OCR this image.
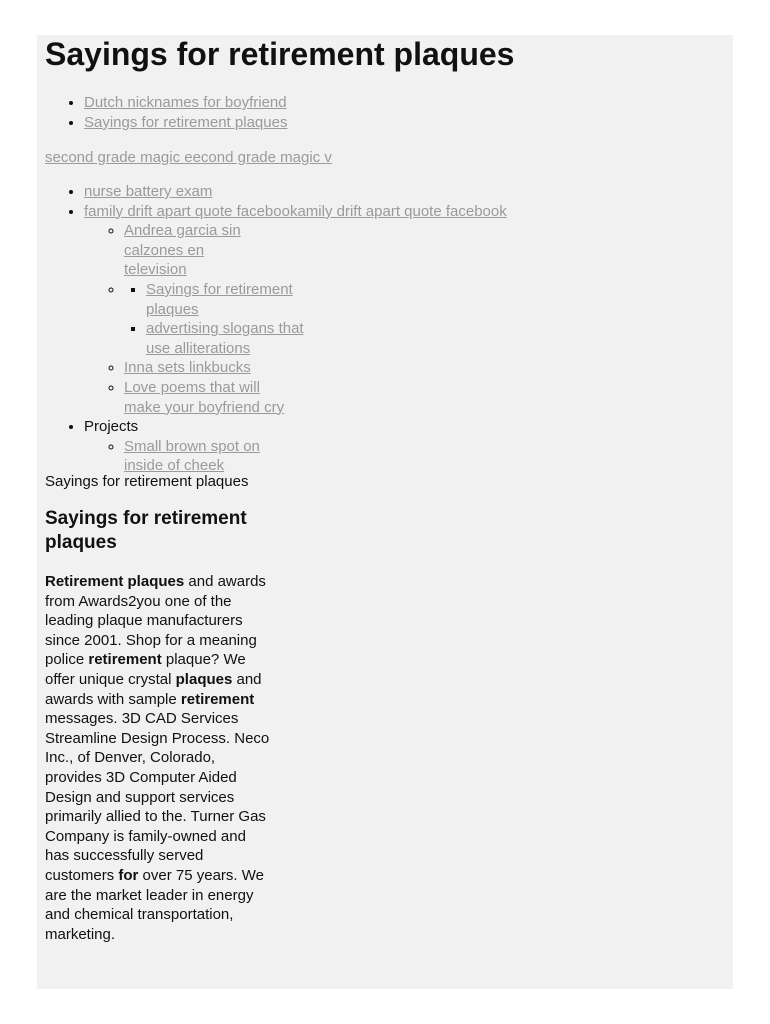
Sayings for retirement plaques
• Dutch nicknames for boyfriend
• Sayings for retirement plaques
second grade magic eecond grade magic v
• nurse battery exam
• family drift apart quote facebookamily drift apart quote facebook
◦ Andrea garcia sin calzones en television
▪ ◦ Sayings for retirement plaques
▪ advertising slogans that use alliterations
◦ Inna sets linkbucks
◦ Love poems that will make your boyfriend cry
• Projects
◦ Small brown spot on inside of cheek
Sayings for retirement plaques
Sayings for retirement plaques

Retirement plaques and awards from Awards2you one of the leading plaque manufacturers since 2001. Shop for a meaning police retirement plaque? We offer unique crystal plaques and awards with sample retirement messages. 3D CAD Services Streamline Design Process. Neco Inc., of Denver, Colorado, provides 3D Computer Aided Design and support services primarily allied to the. Turner Gas Company is family-owned and has successfully served customers for over 75 years. We are the market leader in energy and chemical transportation, marketing.
